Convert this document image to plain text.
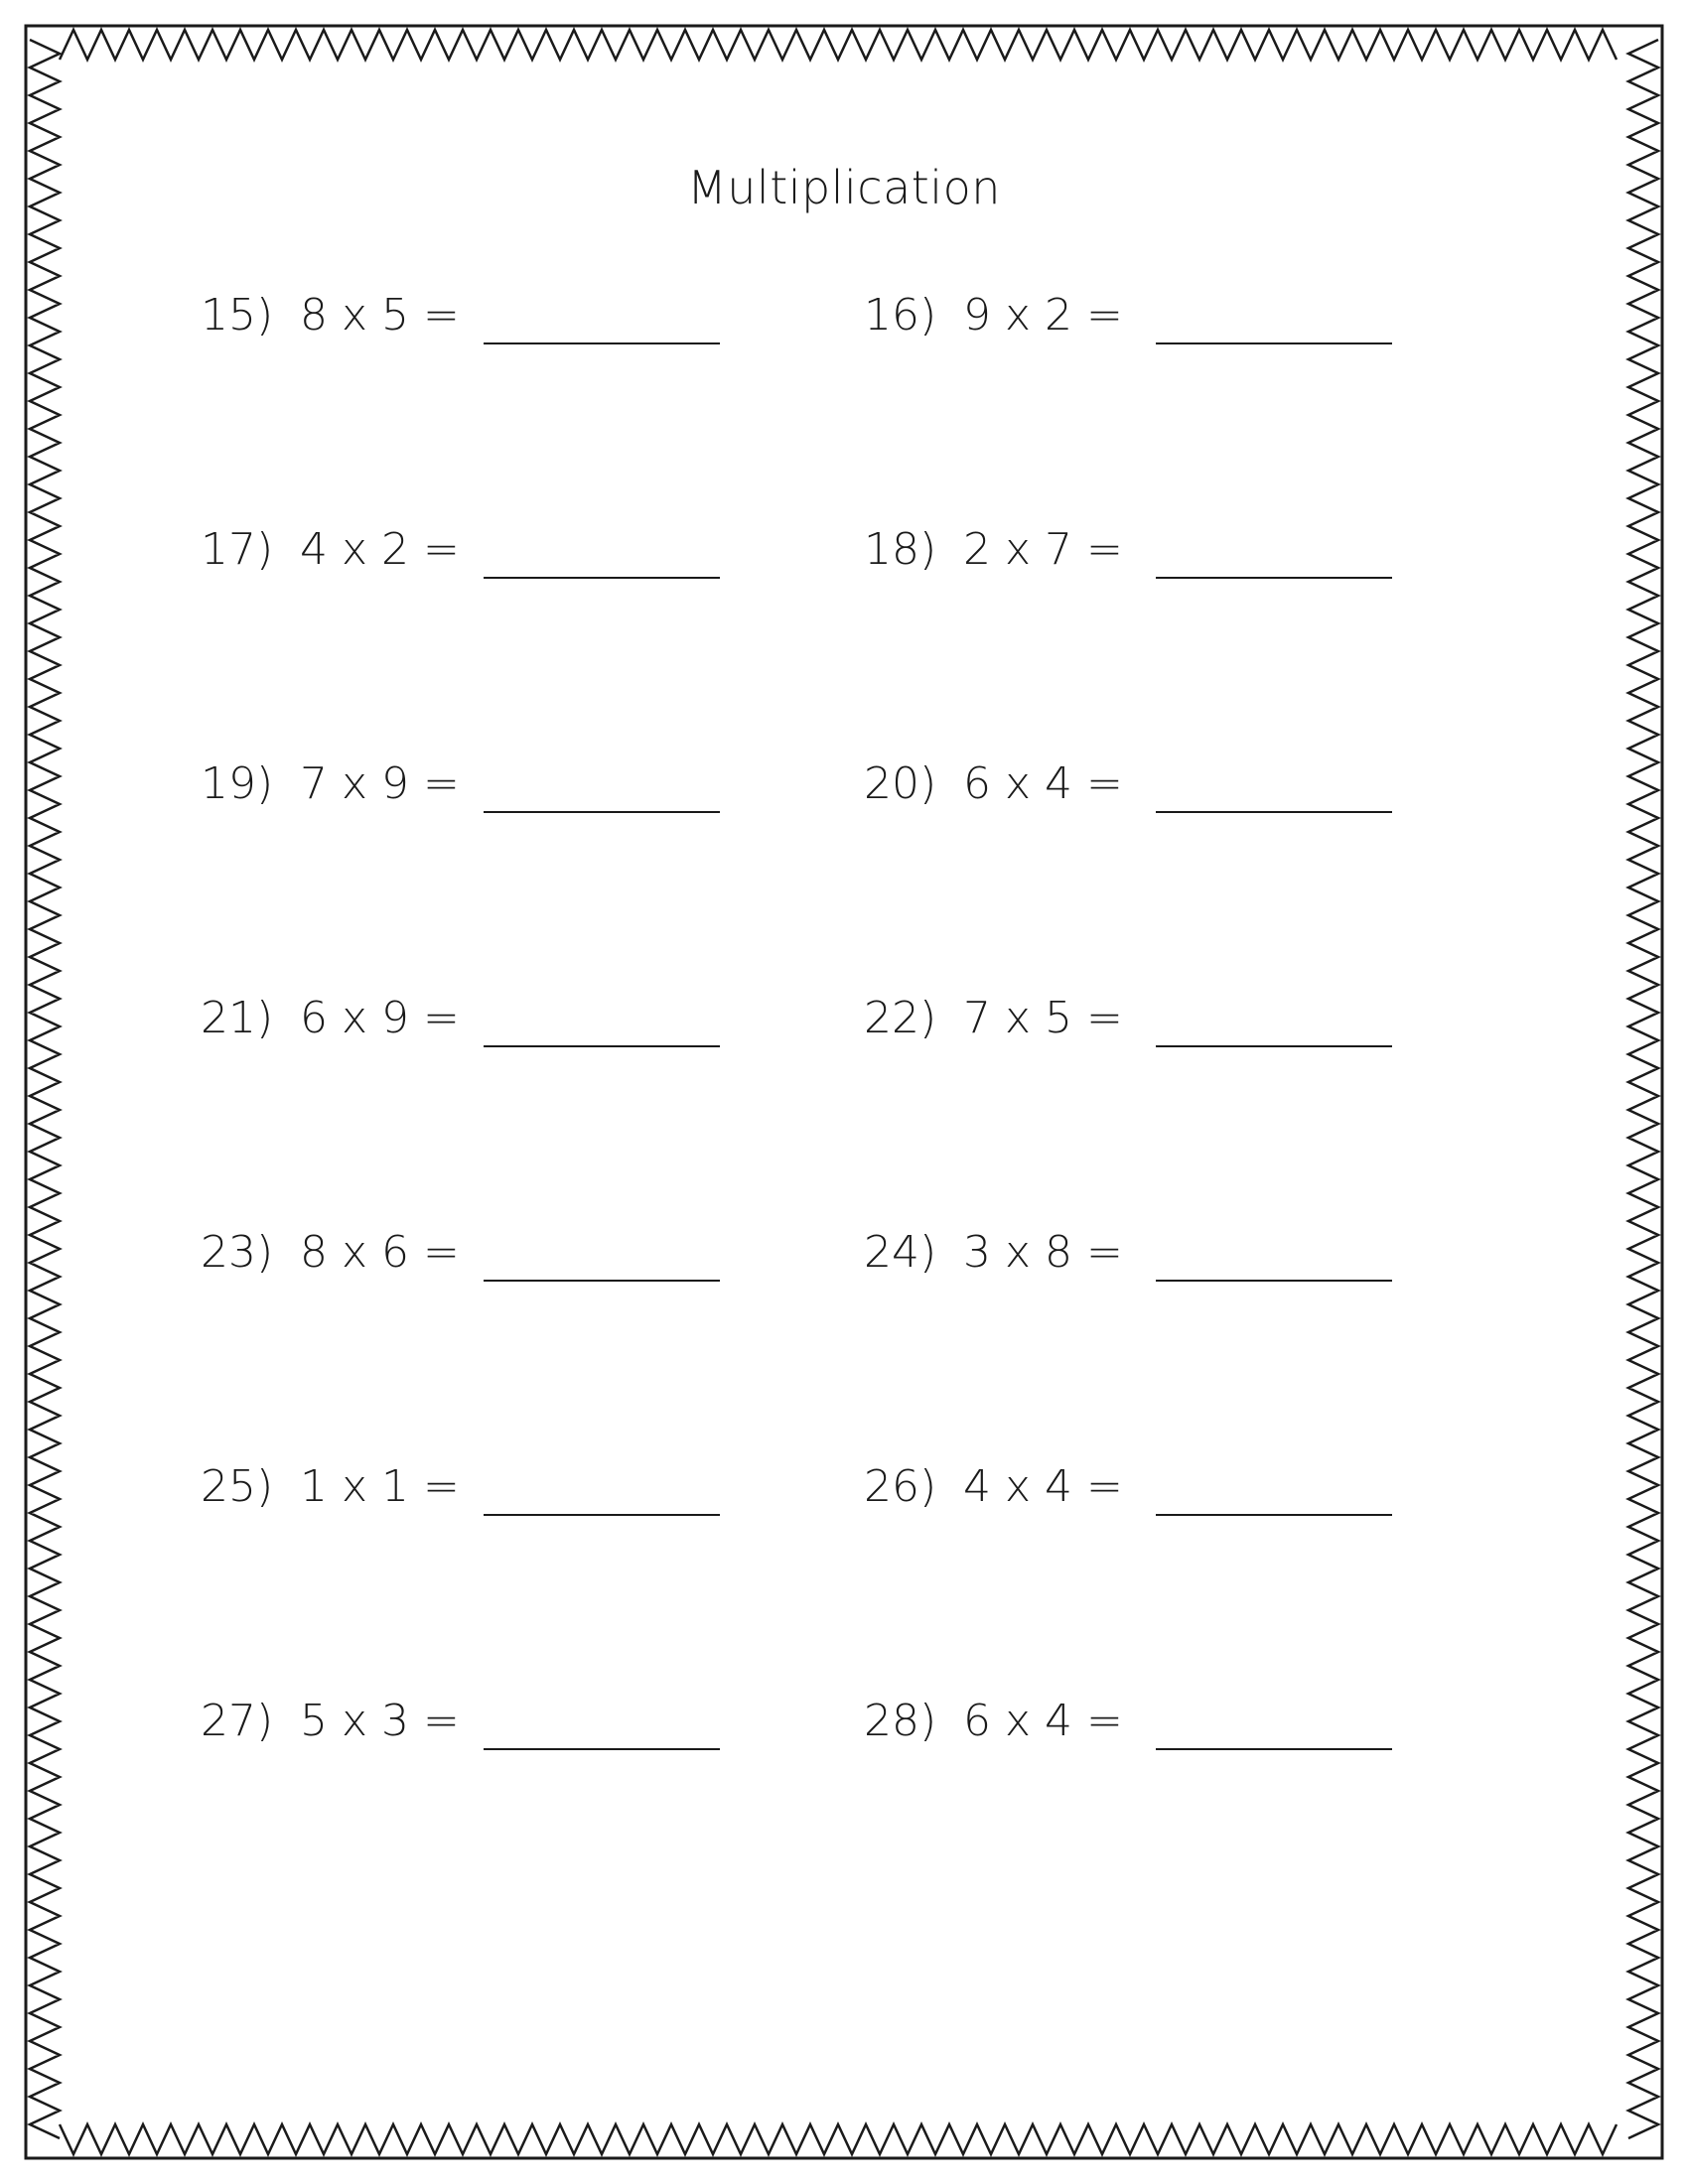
Multiplication
15) 8 x 5 =	16) 9 x 2 =
17) 4 x 2 =	18) 2 x 7 =
19) 7 x 9 =	20) 6 x 4 =
21) 6 x 9 =	22) 7 x 5 =
23) 8 x 6 =	24) 3 x 8 =
25) 1 x 1 =	26) 4 x 4 =
27) 5 x 3 =	28) 6 x 4 =
